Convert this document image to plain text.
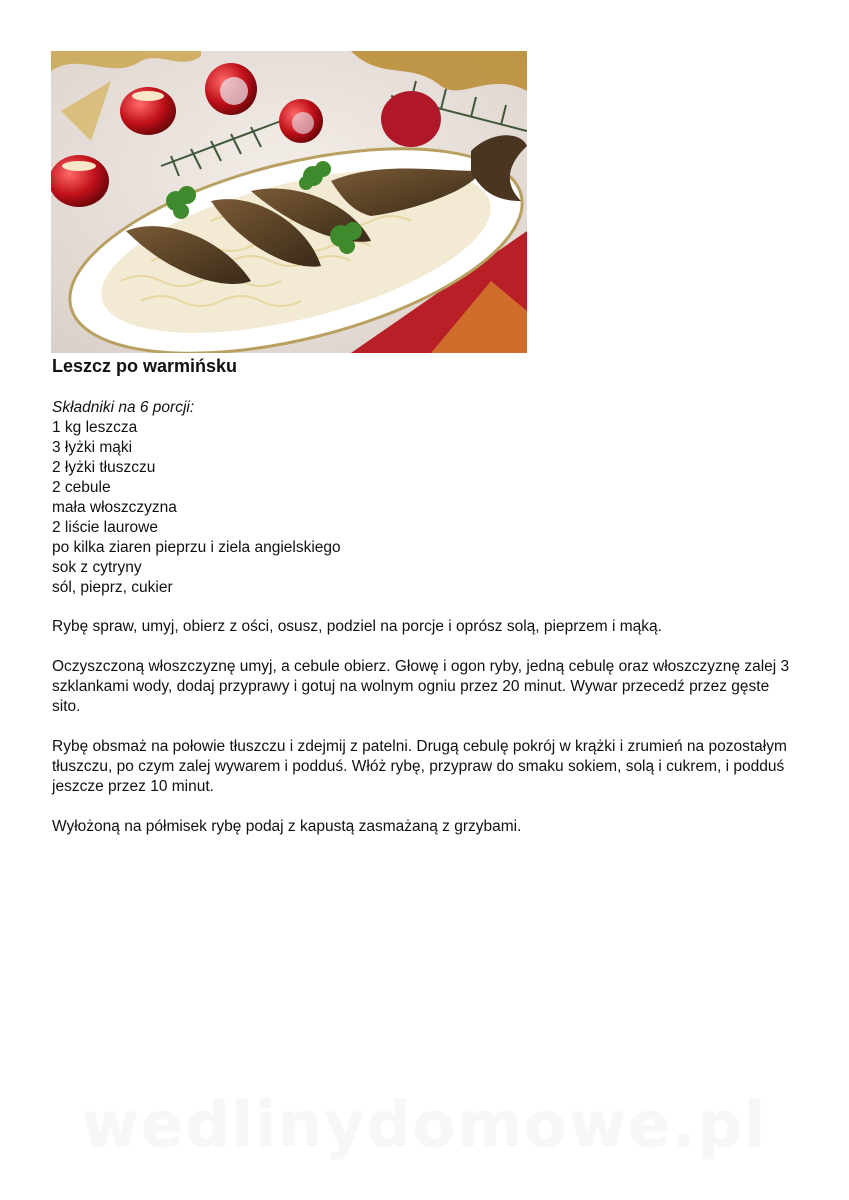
Leszcz po warmińsku
Składniki na 6 porcji:
1 kg leszcza
3 łyżki mąki
2 łyżki tłuszczu
2 cebule
mała włoszczyzna
2 liście laurowe
po kilka ziaren pieprzu i ziela angielskiego
sok z cytryny
sól, pieprz, cukier

Rybę spraw, umyj, obierz z ości, osusz, podziel na porcje i oprósz solą, pieprzem i mąką.

Oczyszczoną włoszczyznę umyj, a cebule obierz. Głowę i ogon ryby, jedną cebulę oraz włoszczyznę zalej 3 szklankami wody, dodaj przyprawy i gotuj na wolnym ogniu przez 20 minut. Wywar przecedź przez gęste sito.

Rybę obsmaż na połowie tłuszczu i zdejmij z patelni. Drugą cebulę pokrój w krążki i zrumień na pozostałym tłuszczu, po czym zalej wywarem i podduś. Włóż rybę, przypraw do smaku sokiem, solą i cukrem, i podduś jeszcze przez 10 minut.

Wyłożoną na półmisek rybę podaj z kapustą zasmażaną z grzybami.

wedlinydomowe.pl
